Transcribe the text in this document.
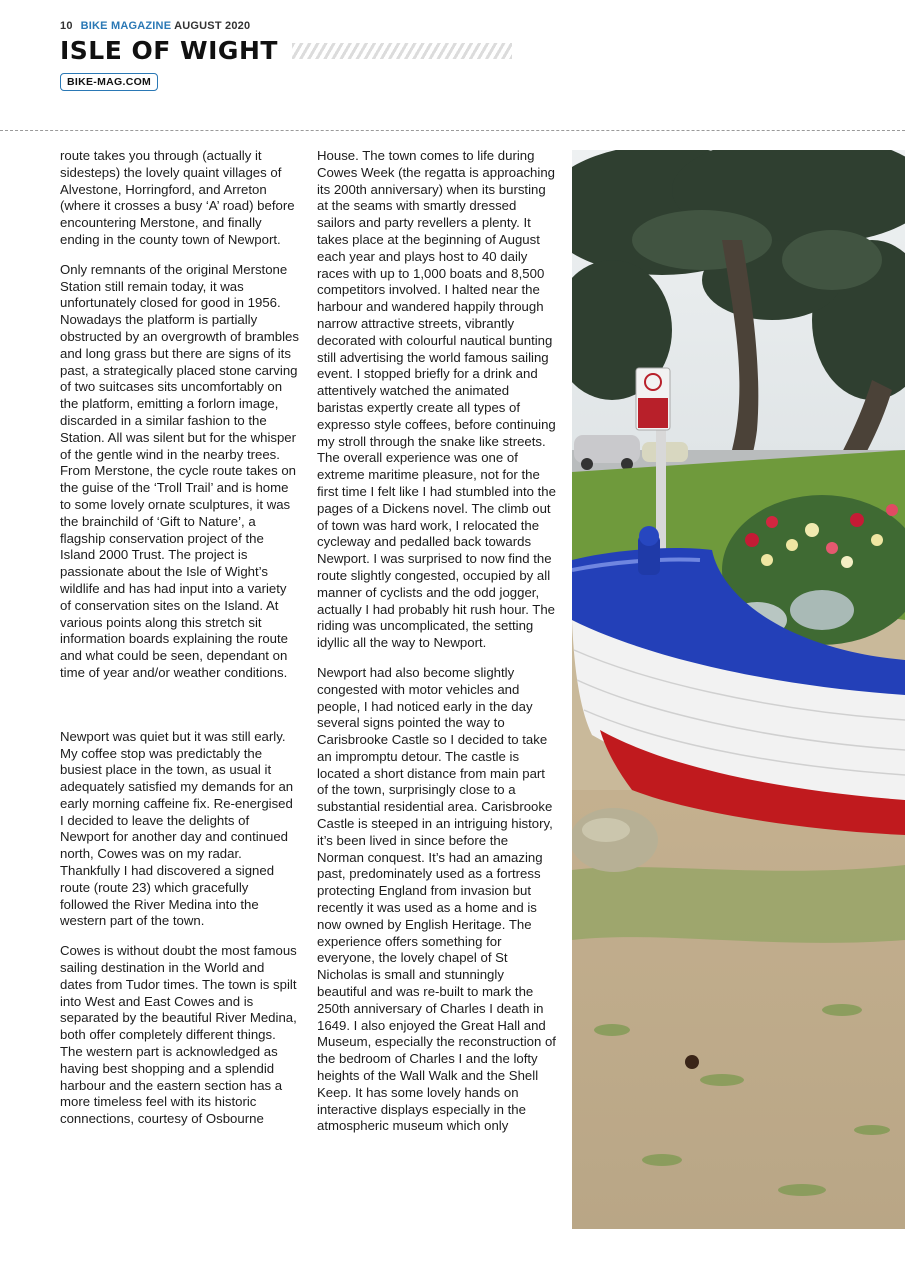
10 BIKE MAGAZINE AUGUST 2020
ISLE OF WIGHT
BIKE-MAG.COM

route takes you through (actually it sidesteps) the lovely quaint villages of Alvestone, Horringford, and Arreton (where it crosses a busy ‘A’ road) before encountering Merstone, and finally ending in the county town of Newport.

Only remnants of the original Merstone Station still remain today, it was unfortunately closed for good in 1956. Nowadays the platform is partially obstructed by an overgrowth of brambles and long grass but there are signs of its past, a strategically placed stone carving of two suitcases sits uncomfortably on the platform, emitting a forlorn image, discarded in a similar fashion to the Station. All was silent but for the whisper of the gentle wind in the nearby trees. From Merstone, the cycle route takes on the guise of the ‘Troll Trail’ and is home to some lovely ornate sculptures, it was the brainchild of ‘Gift to Nature’, a flagship conservation project of the Island 2000 Trust. The project is passionate about the Isle of Wight’s wildlife and has had input into a variety of conservation sites on the Island. At various points along this stretch sit information boards explaining the route and what could be seen, dependant on time of year and/or weather conditions.

Newport was quiet but it was still early. My coffee stop was predictably the busiest place in the town, as usual it adequately satisfied my demands for an early morning caffeine fix. Re-energised I decided to leave the delights of Newport for another day and continued north, Cowes was on my radar. Thankfully I had discovered a signed route (route 23) which gracefully followed the River Medina into the western part of the town.

Cowes is without doubt the most famous sailing destination in the World and dates from Tudor times. The town is spilt into West and East Cowes and is separated by the beautiful River Medina, both offer completely different things. The western part is acknowledged as having best shopping and a splendid harbour and the eastern section has a more timeless feel with its historic connections, courtesy of Osbourne

House. The town comes to life during Cowes Week (the regatta is approaching its 200th anniversary) when its bursting at the seams with smartly dressed sailors and party revellers a plenty. It takes place at the beginning of August each year and plays host to 40 daily races with up to 1,000 boats and 8,500 competitors involved. I halted near the harbour and wandered happily through narrow attractive streets, vibrantly decorated with colourful nautical bunting still advertising the world famous sailing event. I stopped briefly for a drink and attentively watched the animated baristas expertly create all types of expresso style coffees, before continuing my stroll through the snake like streets. The overall experience was one of extreme maritime pleasure, not for the first time I felt like I had stumbled into the pages of a Dickens novel. The climb out of town was hard work, I relocated the cycleway and pedalled back towards Newport. I was surprised to now find the route slightly congested, occupied by all manner of cyclists and the odd jogger, actually I had probably hit rush hour. The riding was uncomplicated, the setting idyllic all the way to Newport.

Newport had also become slightly congested with motor vehicles and people, I had noticed early in the day several signs pointed the way to Carisbrooke Castle so I decided to take an impromptu detour. The castle is located a short distance from main part of the town, surprisingly close to a substantial residential area. Carisbrooke Castle is steeped in an intriguing history, it’s been lived in since before the Norman conquest. It’s had an amazing past, predominately used as a fortress protecting England from invasion but recently it was used as a home and is now owned by English Heritage. The experience offers something for everyone, the lovely chapel of St Nicholas is small and stunningly beautiful and was re-built to mark the 250th anniversary of Charles I death in 1649. I also enjoyed the Great Hall and Museum, especially the reconstruction of the bedroom of Charles I and the lofty heights of the Wall Walk and the Shell Keep. It has some lovely hands on interactive displays especially in the atmospheric museum which only
